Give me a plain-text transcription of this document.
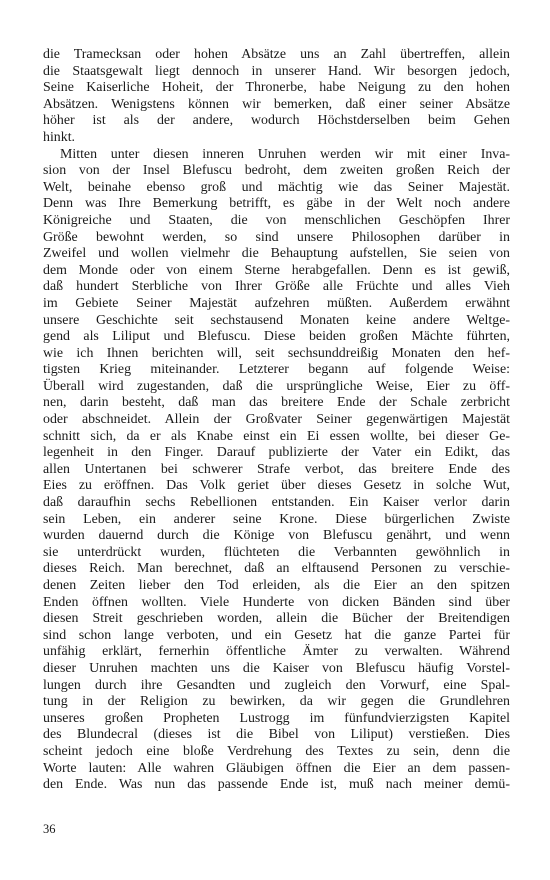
die Tramecksan oder hohen Absätze uns an Zahl übertreffen, allein
die Staatsgewalt liegt dennoch in unserer Hand. Wir besorgen jedoch,
Seine Kaiserliche Hoheit, der Thronerbe, habe Neigung zu den hohen
Absätzen. Wenigstens können wir bemerken, daß einer seiner Absätze
höher ist als der andere, wodurch Höchstderselben beim Gehen
hinkt.

Mitten unter diesen inneren Unruhen werden wir mit einer Inva-
sion von der Insel Blefuscu bedroht, dem zweiten großen Reich der
Welt, beinahe ebenso groß und mächtig wie das Seiner Majestät.
Denn was Ihre Bemerkung betrifft, es gäbe in der Welt noch andere
Königreiche und Staaten, die von menschlichen Geschöpfen Ihrer
Größe bewohnt werden, so sind unsere Philosophen darüber in
Zweifel und wollen vielmehr die Behauptung aufstellen, Sie seien von
dem Monde oder von einem Sterne herabgefallen. Denn es ist gewiß,
daß hundert Sterbliche von Ihrer Größe alle Früchte und alles Vieh
im Gebiete Seiner Majestät aufzehren müßten. Außerdem erwähnt
unsere Geschichte seit sechstausend Monaten keine andere Weltge-
gend als Liliput und Blefuscu. Diese beiden großen Mächte führten,
wie ich Ihnen berichten will, seit sechsunddreißig Monaten den hef-
tigsten Krieg miteinander. Letzterer begann auf folgende Weise:
Überall wird zugestanden, daß die ursprüngliche Weise, Eier zu öff-
nen, darin besteht, daß man das breitere Ende der Schale zerbricht
oder abschneidet. Allein der Großvater Seiner gegenwärtigen Majestät
schnitt sich, da er als Knabe einst ein Ei essen wollte, bei dieser Ge-
legenheit in den Finger. Darauf publizierte der Vater ein Edikt, das
allen Untertanen bei schwerer Strafe verbot, das breitere Ende des
Eies zu eröffnen. Das Volk geriet über dieses Gesetz in solche Wut,
daß daraufhin sechs Rebellionen entstanden. Ein Kaiser verlor darin
sein Leben, ein anderer seine Krone. Diese bürgerlichen Zwiste
wurden dauernd durch die Könige von Blefuscu genährt, und wenn
sie unterdrückt wurden, flüchteten die Verbannten gewöhnlich in
dieses Reich. Man berechnet, daß an elftausend Personen zu verschie-
denen Zeiten lieber den Tod erleiden, als die Eier an den spitzen
Enden öffnen wollten. Viele Hunderte von dicken Bänden sind über
diesen Streit geschrieben worden, allein die Bücher der Breitendigen
sind schon lange verboten, und ein Gesetz hat die ganze Partei für
unfähig erklärt, fernerhin öffentliche Ämter zu verwalten. Während
dieser Unruhen machten uns die Kaiser von Blefuscu häufig Vorstel-
lungen durch ihre Gesandten und zugleich den Vorwurf, eine Spal-
tung in der Religion zu bewirken, da wir gegen die Grundlehren
unseres großen Propheten Lustrogg im fünfundvierzigsten Kapitel
des Blundecral (dieses ist die Bibel von Liliput) verstießen. Dies
scheint jedoch eine bloße Verdrehung des Textes zu sein, denn die
Worte lauten: Alle wahren Gläubigen öffnen die Eier an dem passen-
den Ende. Was nun das passende Ende ist, muß nach meiner demü-

36
